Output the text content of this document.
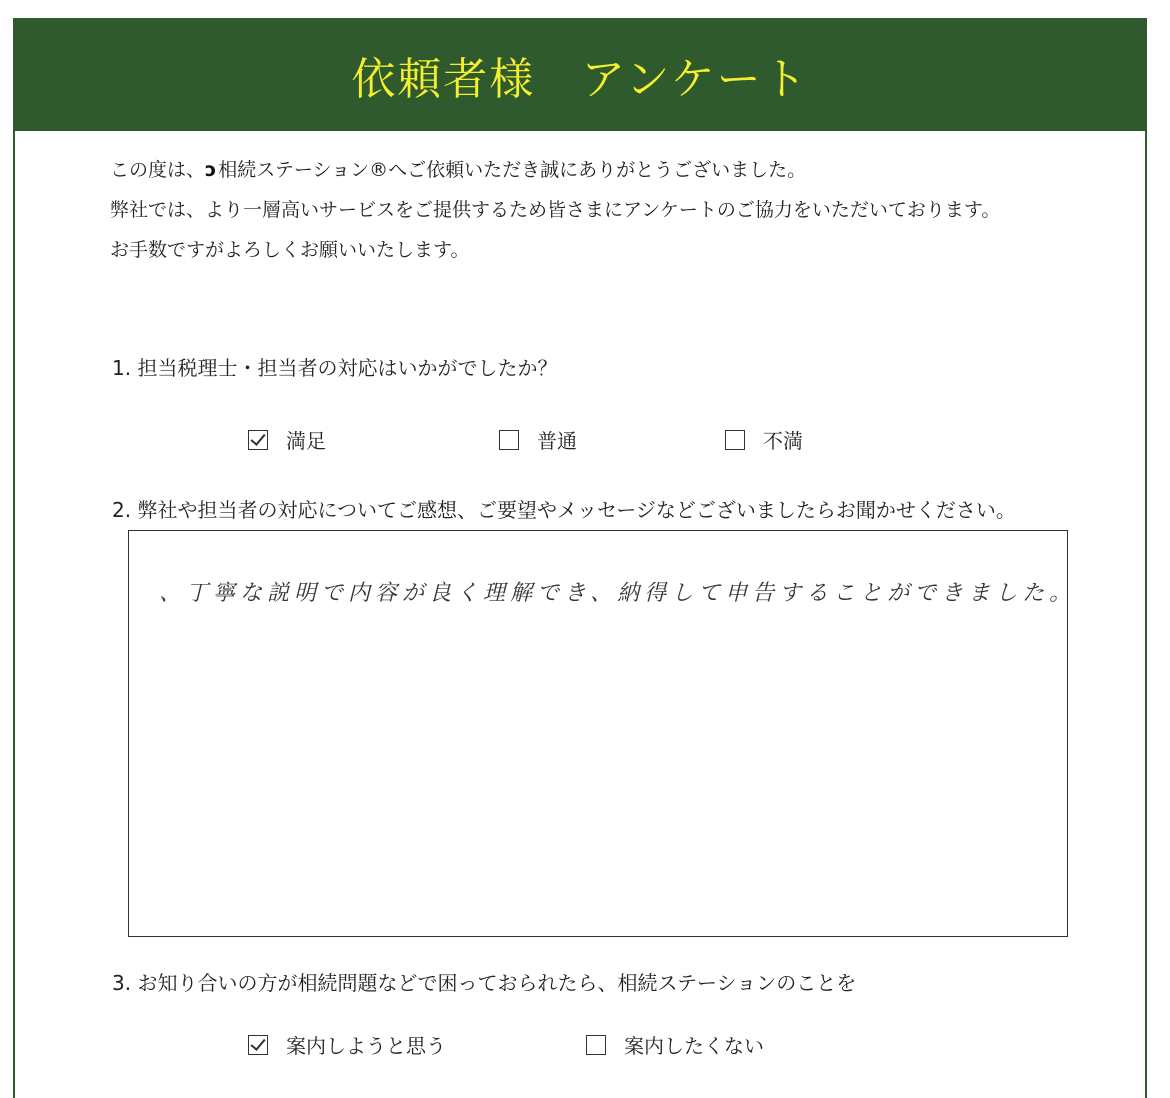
依頼者様　アンケート

この度は、ↄ 相続ステーション®へご依頼いただき誠にありがとうございました。

弊社では、より一層高いサービスをご提供するため皆さまにアンケートのご協力をいただいております。

お手数ですがよろしくお願いいたします。

1. 担当税理士・担当者の対応はいかがでしたか？
満足	普通	不満
2. 弊社や担当者の対応についてご感想、ご要望やメッセージなどございましたらお聞かせください。
、丁寧な説明で内容が良く理解でき、納得して申告することができました。
3. お知り合いの方が相続問題などで困っておられたら、相続ステーションのことを
案内しようと思う	案内したくない
